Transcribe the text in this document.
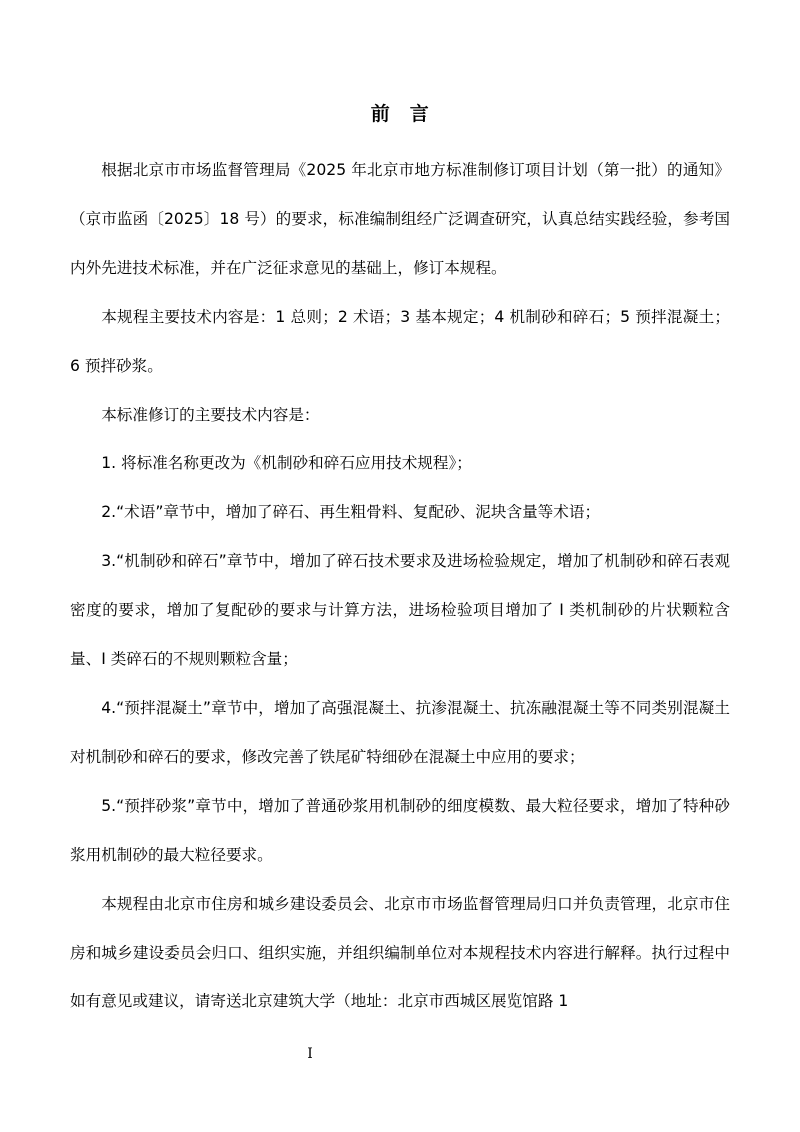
前　言

根据北京市市场监督管理局《2025 年北京市地方标准制修订项目计划（第一批）的通知》（京市监函〔2025〕18 号）的要求，标准编制组经广泛调查研究，认真总结实践经验，参考国内外先进技术标准，并在广泛征求意见的基础上，修订本规程。

本规程主要技术内容是：1 总则；2 术语；3 基本规定；4 机制砂和碎石；5 预拌混凝土；6 预拌砂浆。

本标准修订的主要技术内容是：

1. 将标准名称更改为《机制砂和碎石应用技术规程》；

2.“术语”章节中，增加了碎石、再生粗骨料、复配砂、泥块含量等术语；

3.“机制砂和碎石”章节中，增加了碎石技术要求及进场检验规定，增加了机制砂和碎石表观密度的要求，增加了复配砂的要求与计算方法，进场检验项目增加了 I 类机制砂的片状颗粒含量、I 类碎石的不规则颗粒含量；

4.“预拌混凝土”章节中，增加了高强混凝土、抗渗混凝土、抗冻融混凝土等不同类别混凝土对机制砂和碎石的要求，修改完善了铁尾矿特细砂在混凝土中应用的要求；

5.“预拌砂浆”章节中，增加了普通砂浆用机制砂的细度模数、最大粒径要求，增加了特种砂浆用机制砂的最大粒径要求。

本规程由北京市住房和城乡建设委员会、北京市市场监督管理局归口并负责管理，北京市住房和城乡建设委员会归口、组织实施，并组织编制单位对本规程技术内容进行解释。执行过程中如有意见或建议，请寄送北京建筑大学（地址：北京市西城区展览馆路 1

I
